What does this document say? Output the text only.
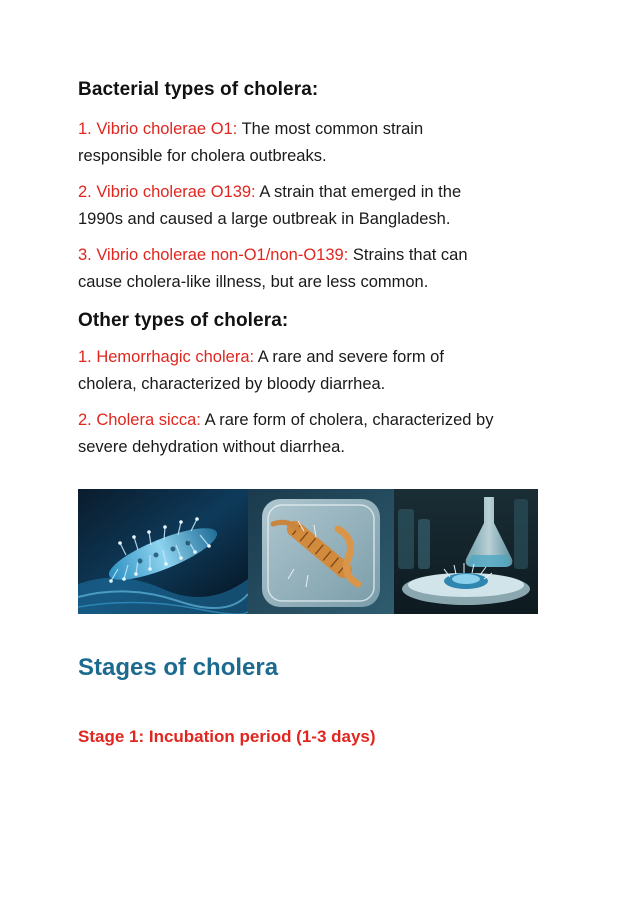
Bacterial types of cholera:
1. Vibrio cholerae O1: The most common strain
responsible for cholera outbreaks.
2. Vibrio cholerae O139: A strain that emerged in the
1990s and caused a large outbreak in Bangladesh.
3. Vibrio cholerae non-O1/non-O139: Strains that can
cause cholera-like illness, but are less common.
Other types of cholera:
1. Hemorrhagic cholera: A rare and severe form of
cholera, characterized by bloody diarrhea.
2. Cholera sicca: A rare form of cholera, characterized by
severe dehydration without diarrhea.
Stages of cholera
Stage 1: Incubation period (1-3 days)
